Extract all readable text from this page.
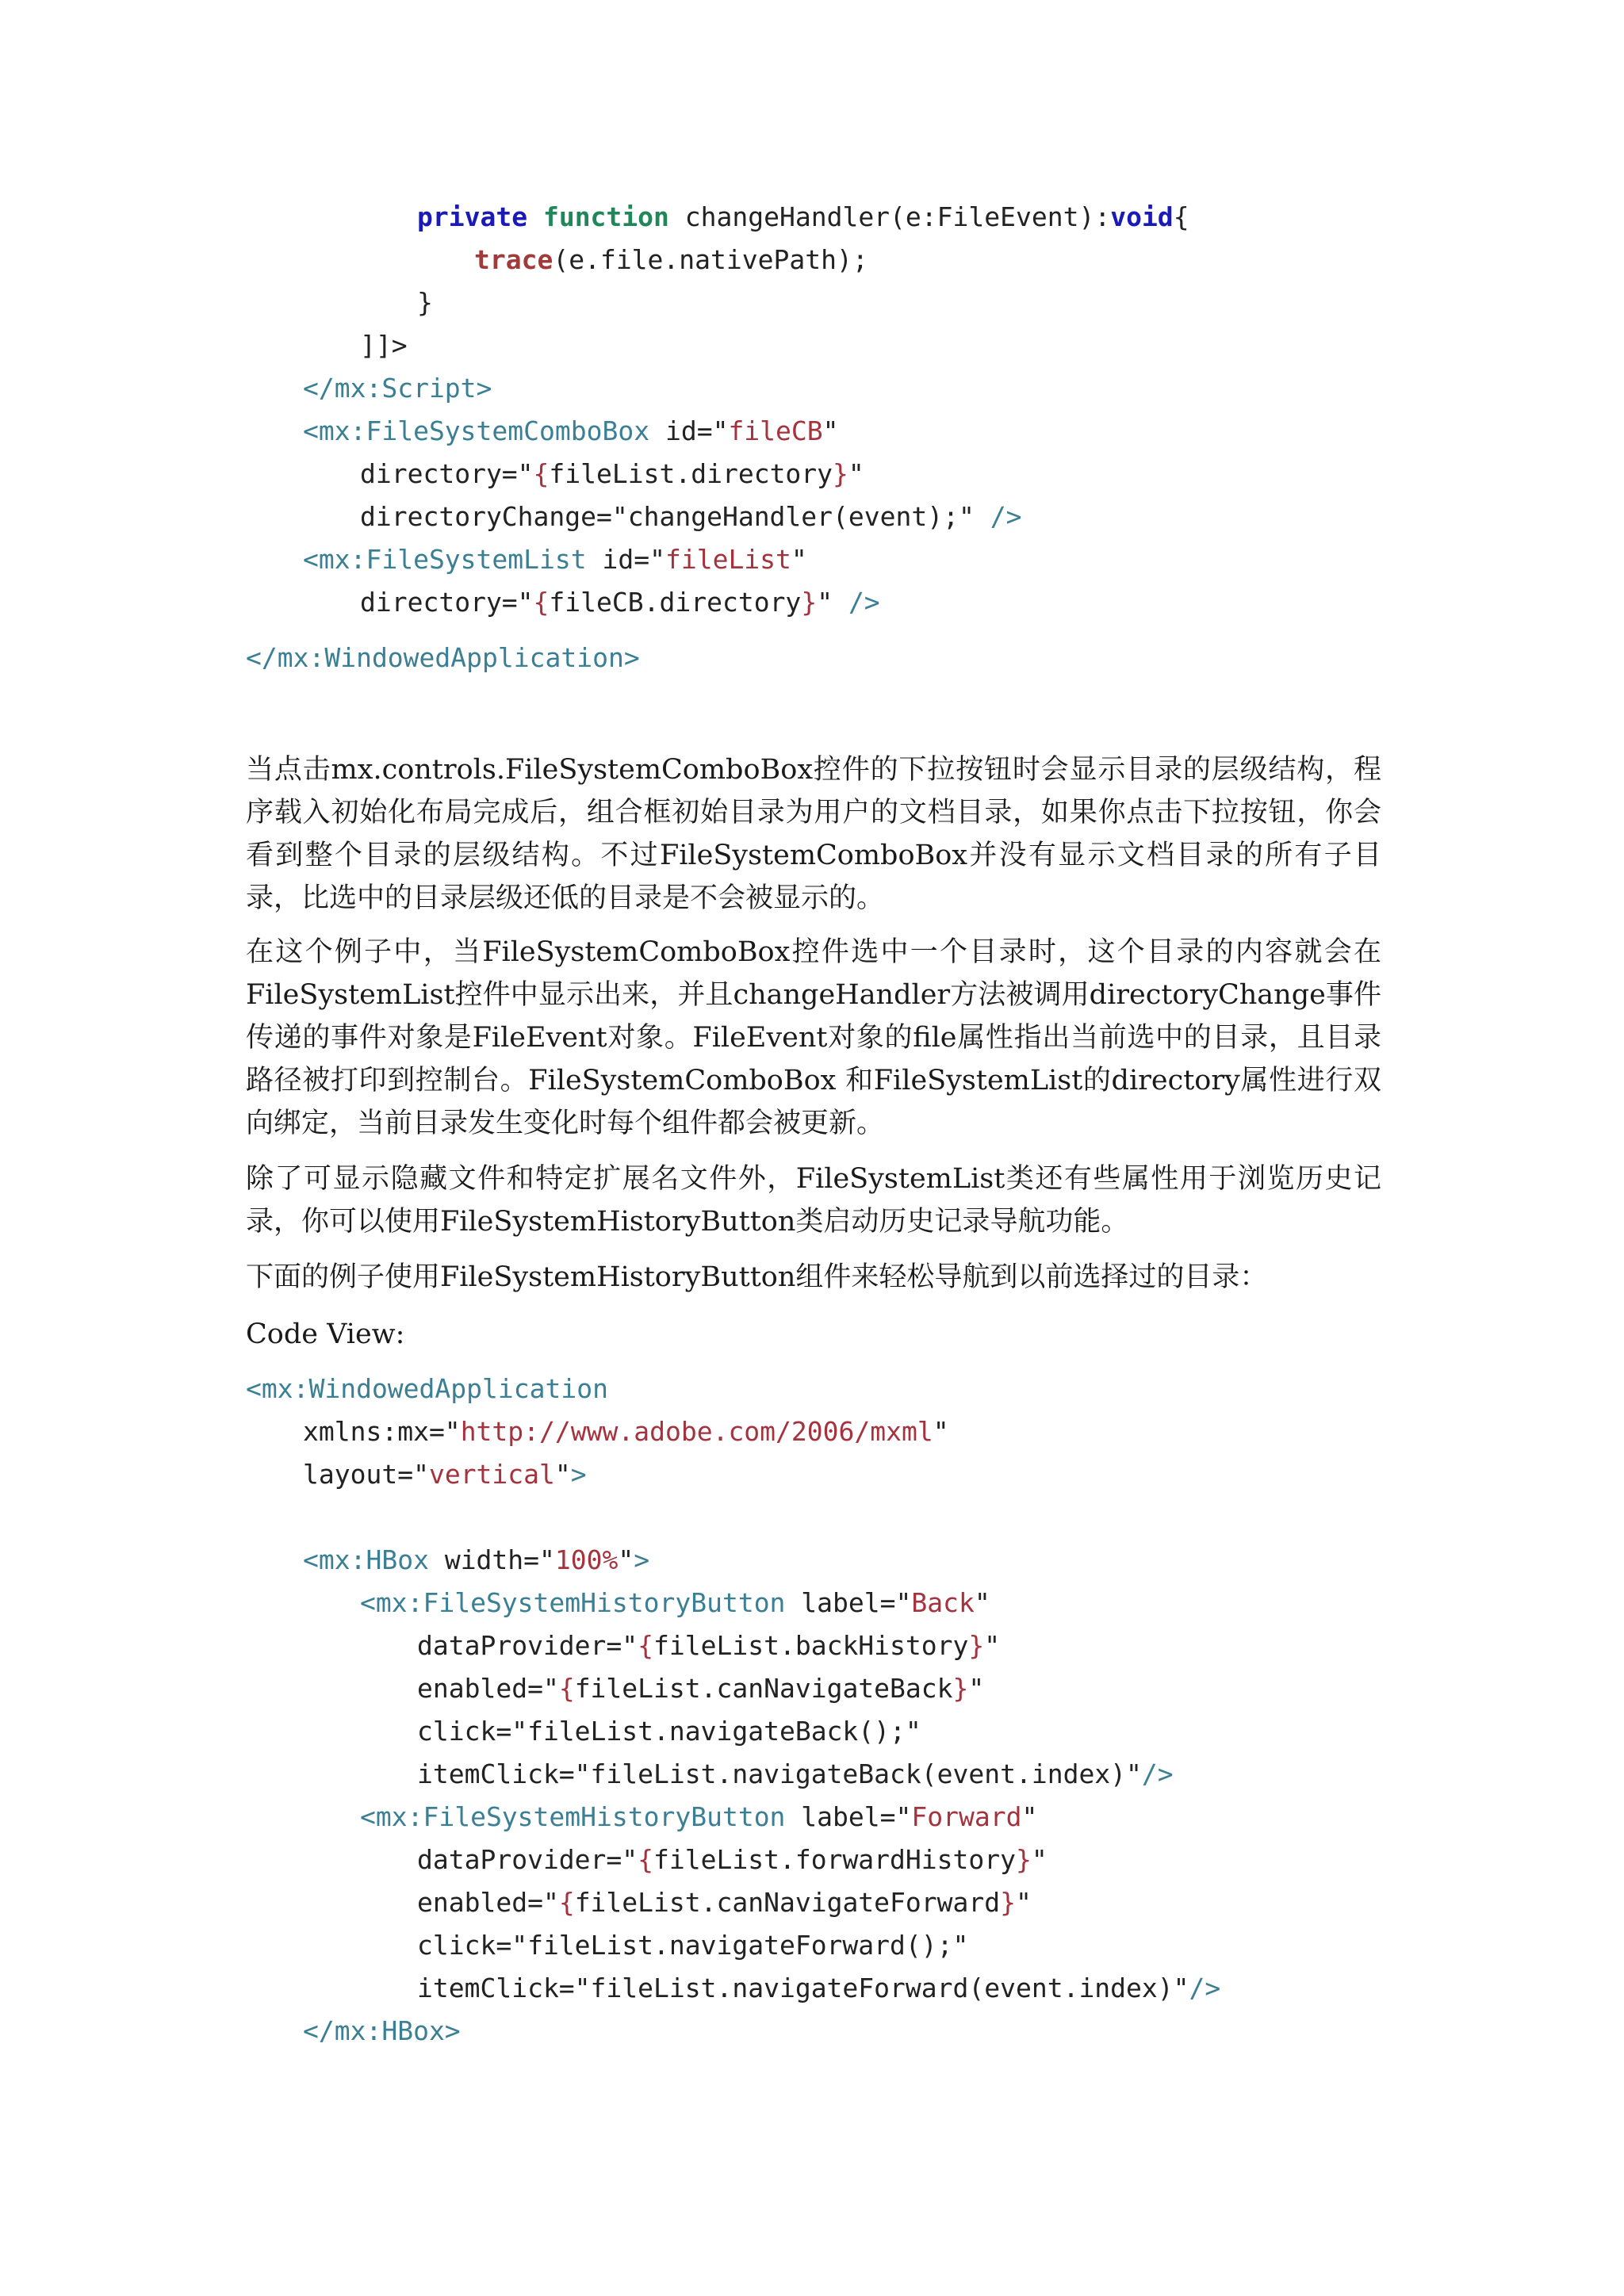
private function changeHandler(e:FileEvent):void{
trace(e.file.nativePath);
}
]]>
</mx:Script>
<mx:FileSystemComboBox id="fileCB"
directory="{fileList.directory}"
directoryChange="changeHandler(event);" />
<mx:FileSystemList id="fileList"
directory="{fileCB.directory}" />
</mx:WindowedApplication>

当点击mx.controls.FileSystemComboBox控件的下拉按钮时会显示目录的层级结构，程序载入初始化布局完成后，组合框初始目录为用户的文档目录，如果你点击下拉按钮，你会看到整个目录的层级结构。不过FileSystemComboBox并没有显示文档目录的所有子目录，比选中的目录层级还低的目录是不会被显示的。

在这个例子中，当FileSystemComboBox控件选中一个目录时，这个目录的内容就会在FileSystemList控件中显示出来，并且changeHandler方法被调用directoryChange事件传递的事件对象是FileEvent对象。FileEvent对象的file属性指出当前选中的目录，且目录路径被打印到控制台。FileSystemComboBox 和FileSystemList的directory属性进行双向绑定，当前目录发生变化时每个组件都会被更新。

除了可显示隐藏文件和特定扩展名文件外，FileSystemList类还有些属性用于浏览历史记录，你可以使用FileSystemHistoryButton类启动历史记录导航功能。

下面的例子使用FileSystemHistoryButton组件来轻松导航到以前选择过的目录：

Code View:

<mx:WindowedApplication
xmlns:mx="http://www.adobe.com/2006/mxml"
layout="vertical">
<mx:HBox width="100%">
<mx:FileSystemHistoryButton label="Back"
dataProvider="{fileList.backHistory}"
enabled="{fileList.canNavigateBack}"
click="fileList.navigateBack();"
itemClick="fileList.navigateBack(event.index)"/>
<mx:FileSystemHistoryButton label="Forward"
dataProvider="{fileList.forwardHistory}"
enabled="{fileList.canNavigateForward}"
click="fileList.navigateForward();"
itemClick="fileList.navigateForward(event.index)"/>
</mx:HBox>
